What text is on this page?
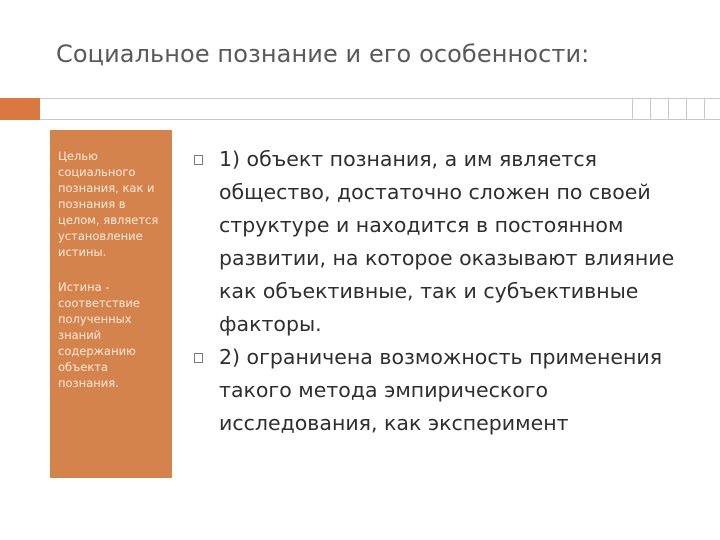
Социальное познание и его особенности:

Целью социального познания, как и познания в целом, является установление истины.

Истина - соответствие полученных знаний содержанию объекта познания.

1) объект познания, а им является общество, достаточно сложен по своей структуре и находится в постоянном развитии, на которое оказывают влияние как объективные, так и субъективные факторы.
2) ограничена возможность применения такого метода эмпирического исследования, как эксперимент
